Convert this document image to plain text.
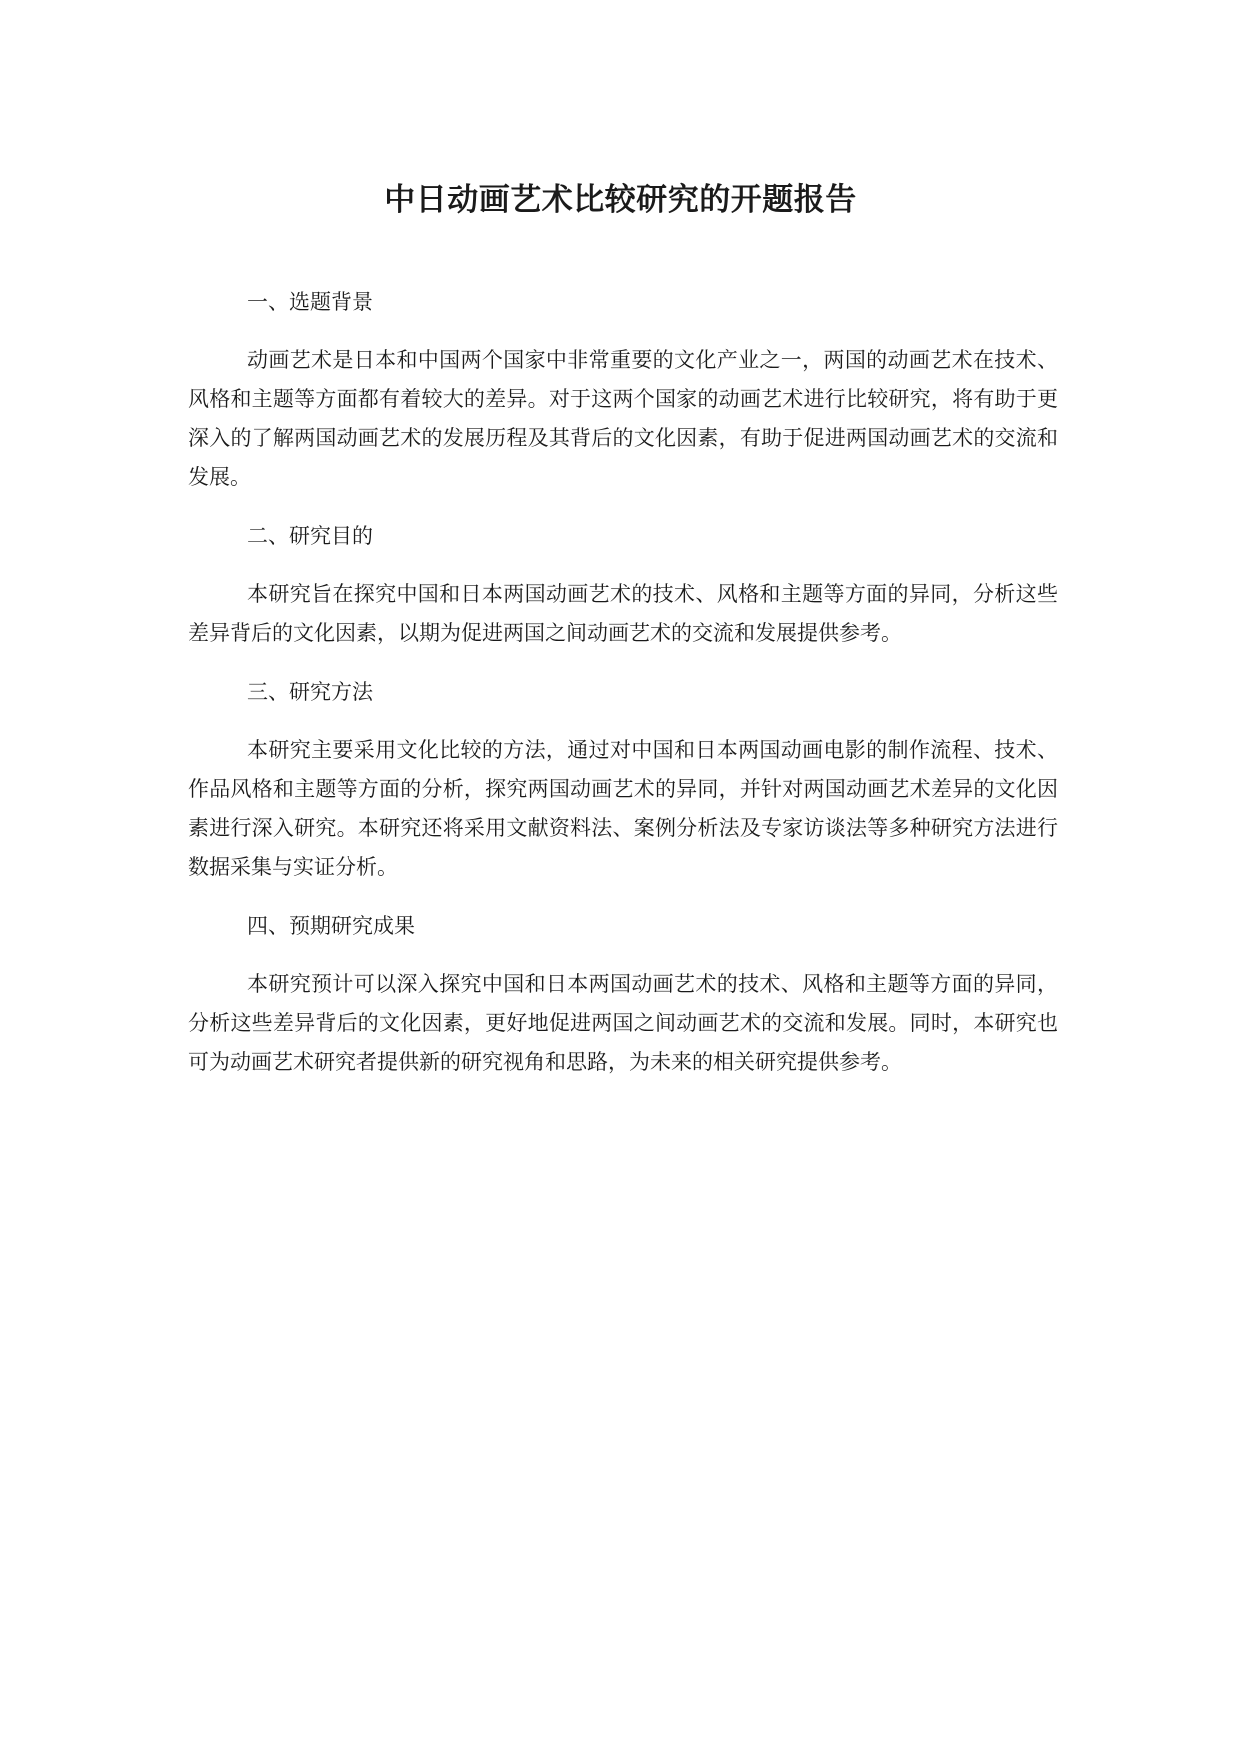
中日动画艺术比较研究的开题报告

一、选题背景

动画艺术是日本和中国两个国家中非常重要的文化产业之一，两国的动画艺术在技术、风格和主题等方面都有着较大的差异。对于这两个国家的动画艺术进行比较研究，将有助于更深入的了解两国动画艺术的发展历程及其背后的文化因素，有助于促进两国动画艺术的交流和发展。

二、研究目的

本研究旨在探究中国和日本两国动画艺术的技术、风格和主题等方面的异同，分析这些差异背后的文化因素，以期为促进两国之间动画艺术的交流和发展提供参考。

三、研究方法

本研究主要采用文化比较的方法，通过对中国和日本两国动画电影的制作流程、技术、作品风格和主题等方面的分析，探究两国动画艺术的异同，并针对两国动画艺术差异的文化因素进行深入研究。本研究还将采用文献资料法、案例分析法及专家访谈法等多种研究方法进行数据采集与实证分析。

四、预期研究成果

本研究预计可以深入探究中国和日本两国动画艺术的技术、风格和主题等方面的异同，分析这些差异背后的文化因素，更好地促进两国之间动画艺术的交流和发展。同时，本研究也可为动画艺术研究者提供新的研究视角和思路，为未来的相关研究提供参考。
